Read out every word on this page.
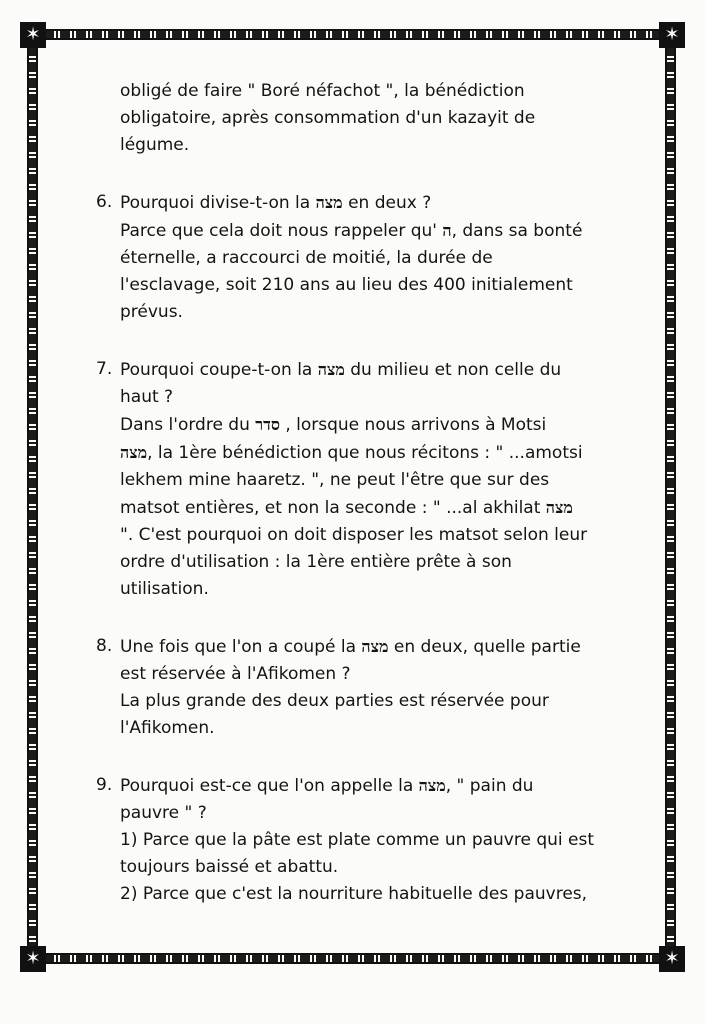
✶	✶
✶	✶
obligé de faire " Boré néfachot ", la bénédiction
obligatoire, après consommation d'un kazayit de
légume.
6. Pourquoi divise-t-on la מצה en deux ?
Parce que cela doit nous rappeler qu' ה, dans sa bonté
éternelle, a raccourci de moitié, la durée de
l'esclavage, soit 210 ans au lieu des 400 initialement
prévus.
7. Pourquoi coupe-t-on la מצה du milieu et non celle du
haut ?
Dans l'ordre du סדר , lorsque nous arrivons à Motsi
מצה, la 1ère bénédiction que nous récitons : " ...amotsi
lekhem mine haaretz. ", ne peut l'être que sur des
matsot entières, et non la seconde : " ...al akhilat מצה
". C'est pourquoi on doit disposer les matsot selon leur
ordre d'utilisation : la 1ère entière prête à son
utilisation.
8. Une fois que l'on a coupé la מצה en deux, quelle partie
est réservée à l'Afikomen ?
La plus grande des deux parties est réservée pour
l'Afikomen.
9. Pourquoi est-ce que l'on appelle la מצה, " pain du
pauvre " ?
1) Parce que la pâte est plate comme un pauvre qui est
toujours baissé et abattu.
2) Parce que c'est la nourriture habituelle des pauvres,
